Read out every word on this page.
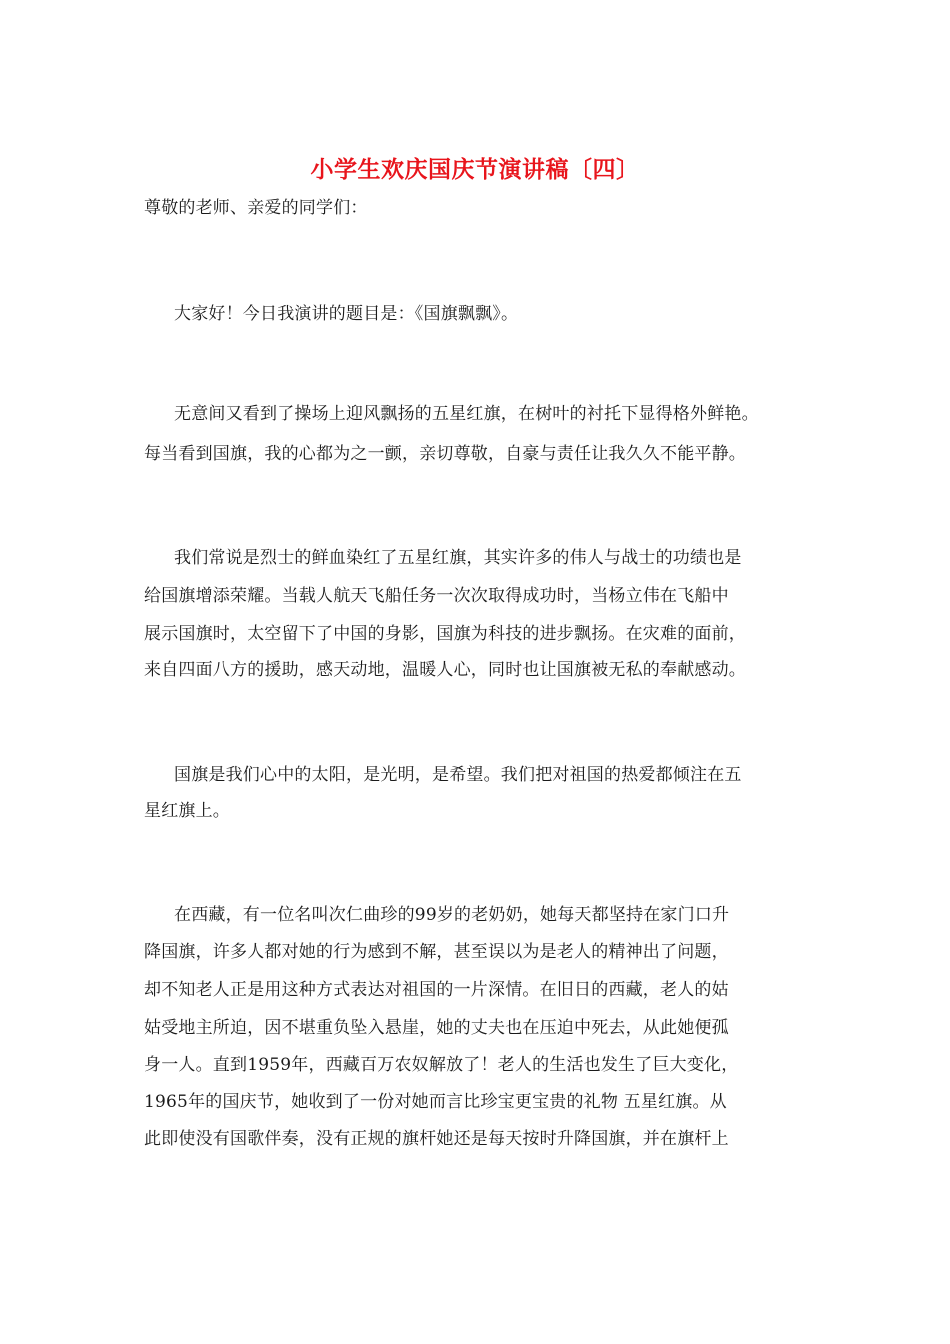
小学生欢庆国庆节演讲稿〔四〕
尊敬的老师、亲爱的同学们：
大家好！今日我演讲的题目是：《国旗飘飘》。
无意间又看到了操场上迎风飘扬的五星红旗，在树叶的衬托下显得格外鲜艳。
每当看到国旗，我的心都为之一颤，亲切尊敬，自豪与责任让我久久不能平静。
我们常说是烈士的鲜血染红了五星红旗，其实许多的伟人与战士的功绩也是
给国旗增添荣耀。当载人航天飞船任务一次次取得成功时，当杨立伟在飞船中
展示国旗时，太空留下了中国的身影，国旗为科技的进步飘扬。在灾难的面前，
来自四面八方的援助，感天动地，温暖人心，同时也让国旗被无私的奉献感动。
国旗是我们心中的太阳，是光明，是希望。我们把对祖国的热爱都倾注在五
星红旗上。
在西藏，有一位名叫次仁曲珍的99岁的老奶奶，她每天都坚持在家门口升
降国旗，许多人都对她的行为感到不解，甚至误以为是老人的精神出了问题，
却不知老人正是用这种方式表达对祖国的一片深情。在旧日的西藏，老人的姑
姑受地主所迫，因不堪重负坠入悬崖，她的丈夫也在压迫中死去，从此她便孤
身一人。直到1959年，西藏百万农奴解放了！老人的生活也发生了巨大变化，
1965年的国庆节，她收到了一份对她而言比珍宝更宝贵的礼物 五星红旗。从
此即使没有国歌伴奏，没有正规的旗杆她还是每天按时升降国旗，并在旗杆上
